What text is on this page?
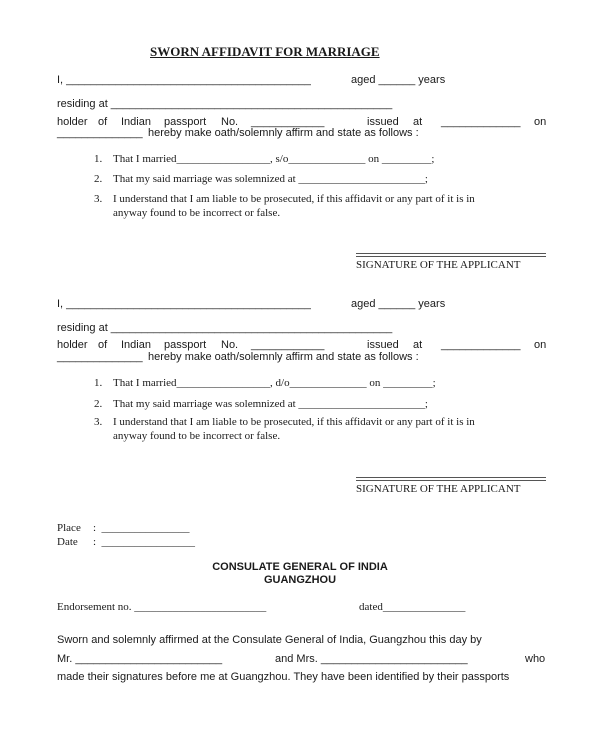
SWORN AFFIDAVIT FOR MARRIAGE
I, ________________________________________	aged ______ years
residing at ______________________________________________
holder of Indian passport No. ____________	issued at _____________ on
______________ hereby make oath/solemnly affirm and state as follows :
1. That I married_________________, s/o______________ on _________;
2. That my said marriage was solemnized at _______________________;
3. I understand that I am liable to be prosecuted, if this affidavit or any part of it is in
anyway found to be incorrect or false.
SIGNATURE OF THE APPLICANT
I, ________________________________________	aged ______ years
residing at ______________________________________________
holder of Indian passport No. ____________	issued at _____________ on
______________ hereby make oath/solemnly affirm and state as follows :
1. That I married_________________, d/o______________ on _________;
2. That my said marriage was solemnized at _______________________;
3. I understand that I am liable to be prosecuted, if this affidavit or any part of it is in
anyway found to be incorrect or false.
SIGNATURE OF THE APPLICANT
Place :  ________________
Date :  _________________
CONSULATE GENERAL OF INDIA
GUANGZHOU
Endorsement no. ________________________	dated_______________
Sworn and solemnly affirmed at the Consulate General of India, Guangzhou this day by
Mr. ________________________	and Mrs. ________________________	who
made their signatures before me at Guangzhou. They have been identified by their passports
